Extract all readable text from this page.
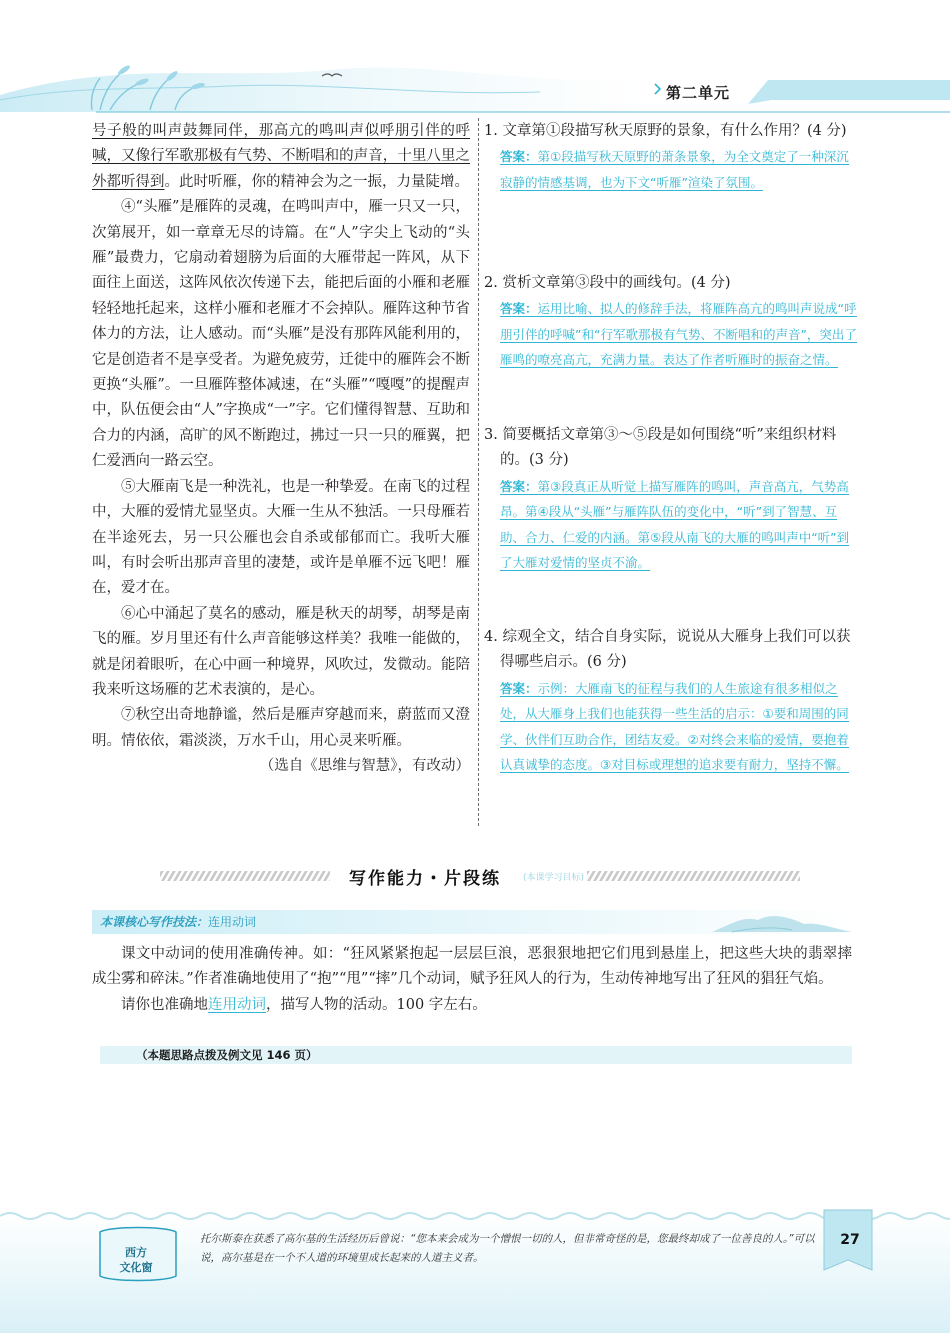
第二单元

号子般的叫声鼓舞同伴，那高亢的鸣叫声似呼朋引伴的呼喊，又像行军歌那极有气势、不断唱和的声音，十里八里之外都听得到。此时听雁，你的精神会为之一振，力量陡增。

④“头雁”是雁阵的灵魂，在鸣叫声中，雁一只又一只，次第展开，如一章章无尽的诗篇。在“人”字尖上飞动的“头雁”最费力，它扇动着翅膀为后面的大雁带起一阵风，从下面往上面送，这阵风依次传递下去，能把后面的小雁和老雁轻轻地托起来，这样小雁和老雁才不会掉队。雁阵这种节省体力的方法，让人感动。而“头雁”是没有那阵风能利用的，它是创造者不是享受者。为避免疲劳，迁徙中的雁阵会不断更换“头雁”。一旦雁阵整体减速，在“头雁”“嘎嘎”的提醒声中，队伍便会由“人”字换成“一”字。它们懂得智慧、互助和合力的内涵，高旷的风不断跑过，拂过一只一只的雁翼，把仁爱洒向一路云空。

⑤大雁南飞是一种洗礼，也是一种挚爱。在南飞的过程中，大雁的爱情尤显坚贞。大雁一生从不独活。一只母雁若在半途死去，另一只公雁也会自杀或郁郁而亡。我听大雁叫，有时会听出那声音里的凄楚，或许是单雁不远飞吧！雁在，爱才在。

⑥心中涌起了莫名的感动，雁是秋天的胡琴，胡琴是南飞的雁。岁月里还有什么声音能够这样美？我唯一能做的，就是闭着眼听，在心中画一种境界，风吹过，发微动。能陪我来听这场雁的艺术表演的，是心。

⑦秋空出奇地静谧，然后是雁声穿越而来，蔚蓝而又澄明。情依依，霜淡淡，万水千山，用心灵来听雁。

（选自《思维与智慧》，有改动）

1. 文章第①段描写秋天原野的景象，有什么作用？(4 分)

答案：第①段描写秋天原野的萧条景象，为全文奠定了一种深沉寂静的情感基调，也为下文“听雁”渲染了氛围。

2. 赏析文章第③段中的画线句。(4 分)

答案：运用比喻、拟人的修辞手法，将雁阵高亢的鸣叫声说成“呼朋引伴的呼喊”和“行军歌那极有气势、不断唱和的声音”，突出了雁鸣的嘹亮高亢，充满力量。表达了作者听雁时的振奋之情。

3. 简要概括文章第③～⑤段是如何围绕“听”来组织材料的。(3 分)

答案：第③段真正从听觉上描写雁阵的鸣叫，声音高亢，气势高昂。第④段从“头雁”与雁阵队伍的变化中，“听”到了智慧、互助、合力、仁爱的内涵。第⑤段从南飞的大雁的鸣叫声中“听”到了大雁对爱情的坚贞不渝。

4. 综观全文，结合自身实际，说说从大雁身上我们可以获得哪些启示。(6 分)

答案：示例：大雁南飞的征程与我们的人生旅途有很多相似之处，从大雁身上我们也能获得一些生活的启示：①要和周围的同学、伙伴们互助合作，团结友爱。②对终会来临的爱情，要抱着认真诚挚的态度。③对目标或理想的追求要有耐力，坚持不懈。

写作能力・片段练	(本课学习目标)
本课核心写作技法：连用动词

课文中动词的使用准确传神。如：“狂风紧紧抱起一层层巨浪，恶狠狠地把它们甩到悬崖上，把这些大块的翡翠摔成尘雾和碎沫。”作者准确地使用了“抱”“甩”“摔”几个动词，赋予狂风人的行为，生动传神地写出了狂风的猖狂气焰。

请你也准确地连用动词，描写人物的活动。100 字左右。

（本题思路点拨及例文见 146 页）
西方
文化窗
托尔斯泰在获悉了高尔基的生活经历后曾说：“您本来会成为一个憎恨一切的人，但非常奇怪的是，您最终却成了一位善良的人。”可以说，高尔基是在一个不人道的环境里成长起来的人道主义者。
27
